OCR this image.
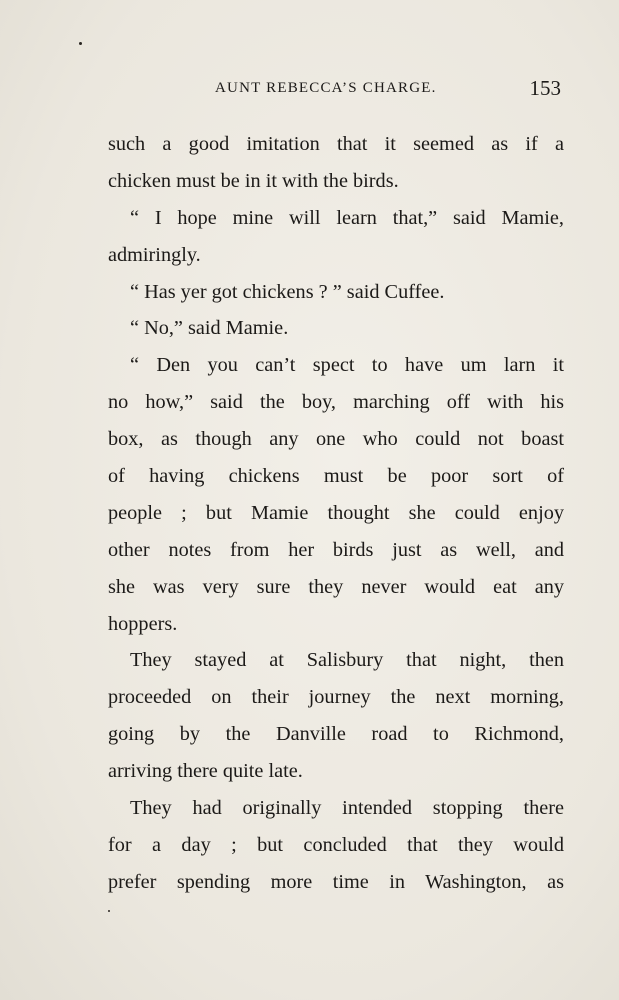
AUNT REBECCA’S CHARGE.	153
such a good imitation that it seemed as if a
chicken must be in it with the birds.
“ I hope mine will learn that,” said Mamie,
admiringly.
“ Has yer got chickens ? ” said Cuffee.
“ No,” said Mamie.
“ Den you can’t spect to have um larn it
no how,” said the boy, marching off with his
box, as though any one who could not boast
of having chickens must be poor sort of
people ; but Mamie thought she could enjoy
other notes from her birds just as well, and
she was very sure they never would eat any
hoppers.
They stayed at Salisbury that night, then
proceeded on their journey the next morning,
going by the Danville road to Richmond,
arriving there quite late.
They had originally intended stopping there
for a day ; but concluded that they would
prefer spending more time in Washington, as
